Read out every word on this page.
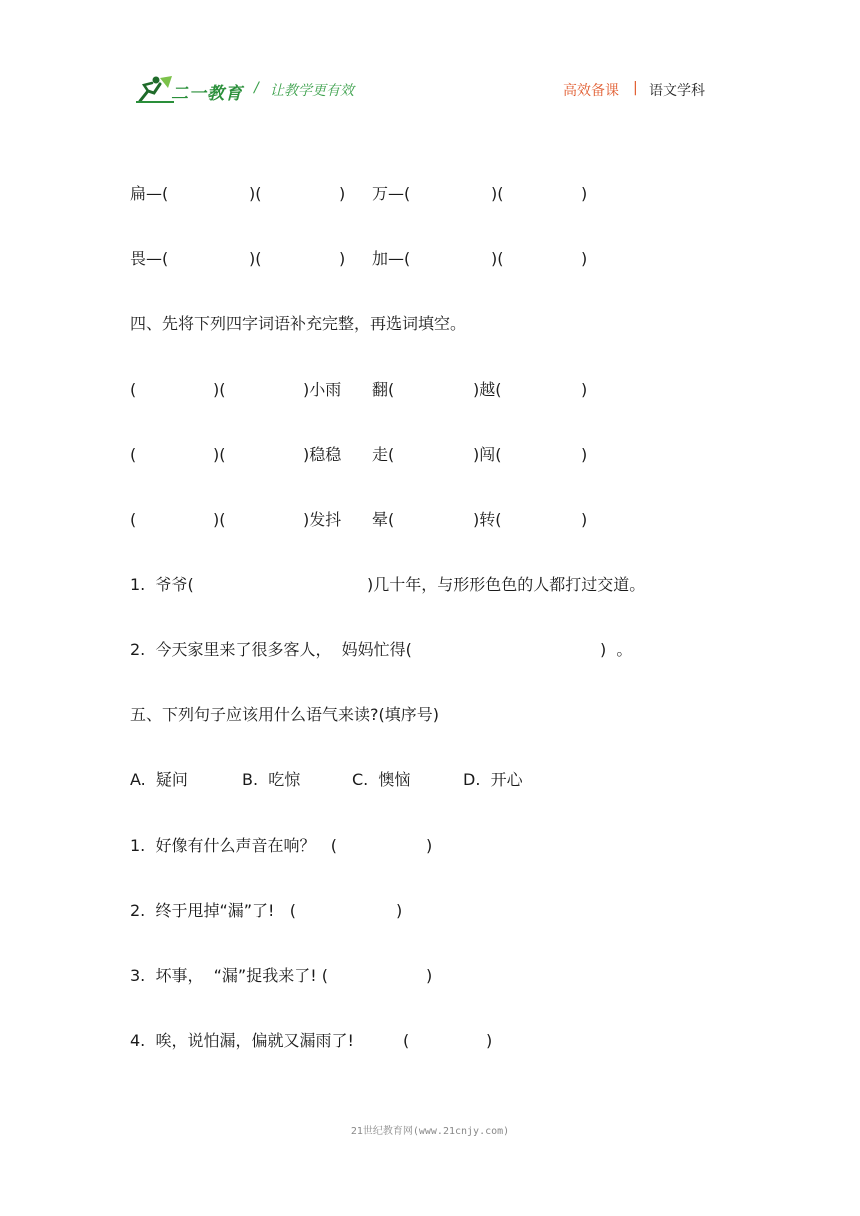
二一教育 / 让教学更有效	高效备课 | 语文学科
扁—(	)(	) 万—(	)(	)
畏—(	)(	) 加—(	)(	)
四、先将下列四字词语补充完整，再选词填空。
(	)(	)小雨 翻(	)越(	)
(	)(	)稳稳 走(	)闯(	)
(	)(	)发抖 晕(	)转(	)
1.  爷爷(	)几十年，与形形色色的人都打过交道。
2.  今天家里来了很多客人，  妈妈忙得(	)  。
五、下列句子应该用什么语气来读?(填序号)
A.  疑问	B.  吃惊	C.  懊恼	D.  开心
1.  好像有什么声音在响？   (	)
2.  终于甩掉“漏”了!   (	)
3.  坏事，  “漏”捉我来了! (	)
4.  唉，说怕漏，偏就又漏雨了!	(	)
21世纪教育网(www.21cnjy.com)
